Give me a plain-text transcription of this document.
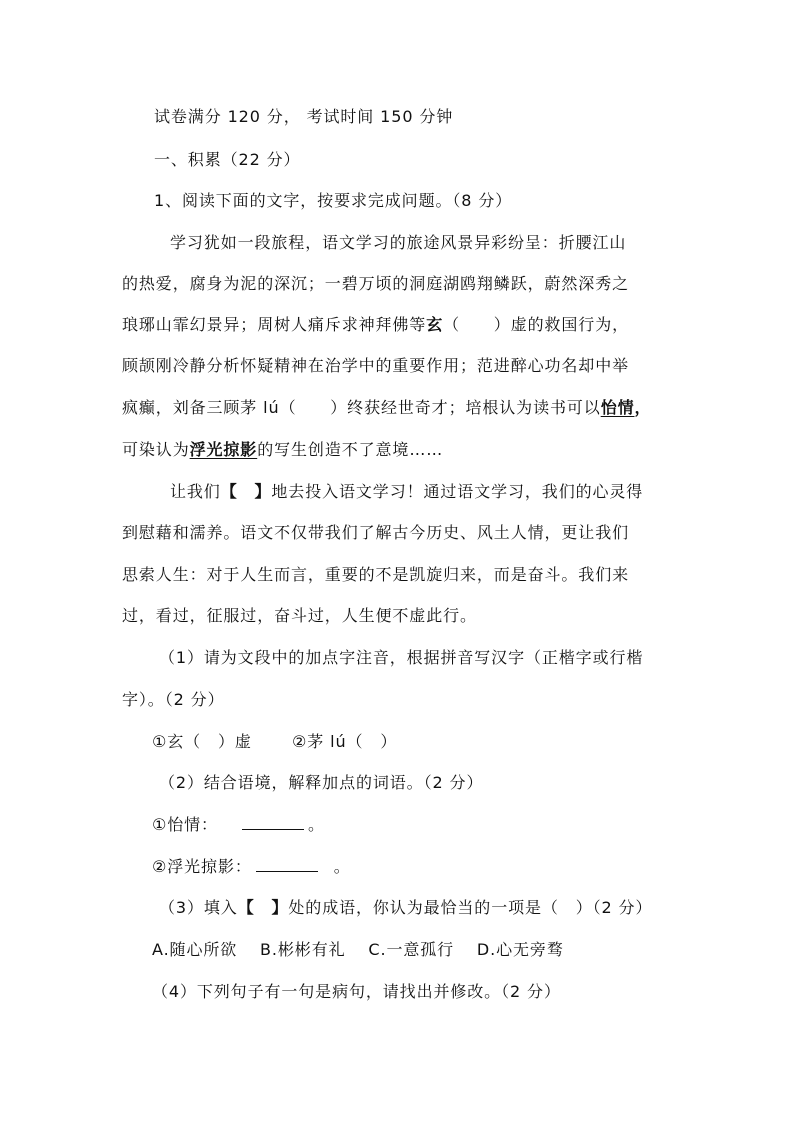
试卷满分 120 分， 考试时间 150 分钟
一、积累（22 分）
1、阅读下面的文字，按要求完成问题。（8 分）
学习犹如一段旅程，语文学习的旅途风景异彩纷呈：折腰江山
的热爱，腐身为泥的深沉；一碧万顷的洞庭湖鸥翔鳞跃，蔚然深秀之
琅琊山霏幻景异；周树人痛斥求神拜佛等玄（　　）虚的救国行为，
顾颉刚冷静分析怀疑精神在治学中的重要作用；范进醉心功名却中举
疯癫，刘备三顾茅 lú（　　）终获经世奇才；培根认为读书可以怡情，
可染认为浮光掠影的写生创造不了意境……
让我们【　】地去投入语文学习！通过语文学习，我们的心灵得
到慰藉和濡养。语文不仅带我们了解古今历史、风土人情，更让我们
思索人生：对于人生而言，重要的不是凯旋归来，而是奋斗。我们来
过，看过，征服过，奋斗过，人生便不虚此行。
（1）请为文段中的加点字注音，根据拼音写汉字（正楷字或行楷
字）。（2 分）
①玄（　）虚	②茅 lú（　）
（2）结合语境，解释加点的词语。（2 分）
①怡情：	。
②浮光掠影：	。
（3）填入【　】处的成语，你认为最恰当的一项是（　）（2 分）
A.随心所欲　 B.彬彬有礼　 C.一意孤行　 D.心无旁骛
（4）下列句子有一句是病句，请找出并修改。（2 分）
